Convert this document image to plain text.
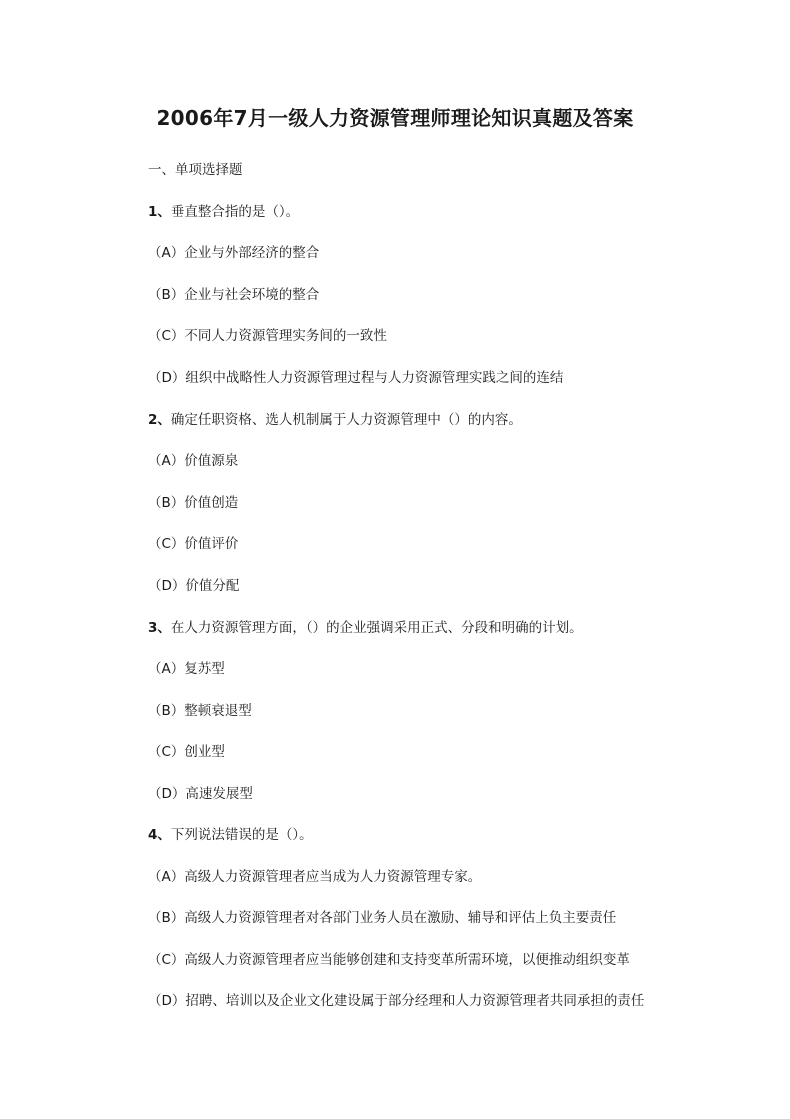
2006年7月一级人力资源管理师理论知识真题及答案
一、单项选择题
1、垂直整合指的是（）。
（A）企业与外部经济的整合
（B）企业与社会环境的整合
（C）不同人力资源管理实务间的一致性
（D）组织中战略性人力资源管理过程与人力资源管理实践之间的连结
2、确定任职资格、选人机制属于人力资源管理中（）的内容。
（A）价值源泉
（B）价值创造
（C）价值评价
（D）价值分配
3、在人力资源管理方面，（）的企业强调采用正式、分段和明确的计划。
（A）复苏型
（B）整顿衰退型
（C）创业型
（D）高速发展型
4、下列说法错误的是（）。
（A）高级人力资源管理者应当成为人力资源管理专家。
（B）高级人力资源管理者对各部门业务人员在激励、辅导和评估上负主要责任
（C）高级人力资源管理者应当能够创建和支持变革所需环境，以便推动组织变革
（D）招聘、培训以及企业文化建设属于部分经理和人力资源管理者共同承担的责任
